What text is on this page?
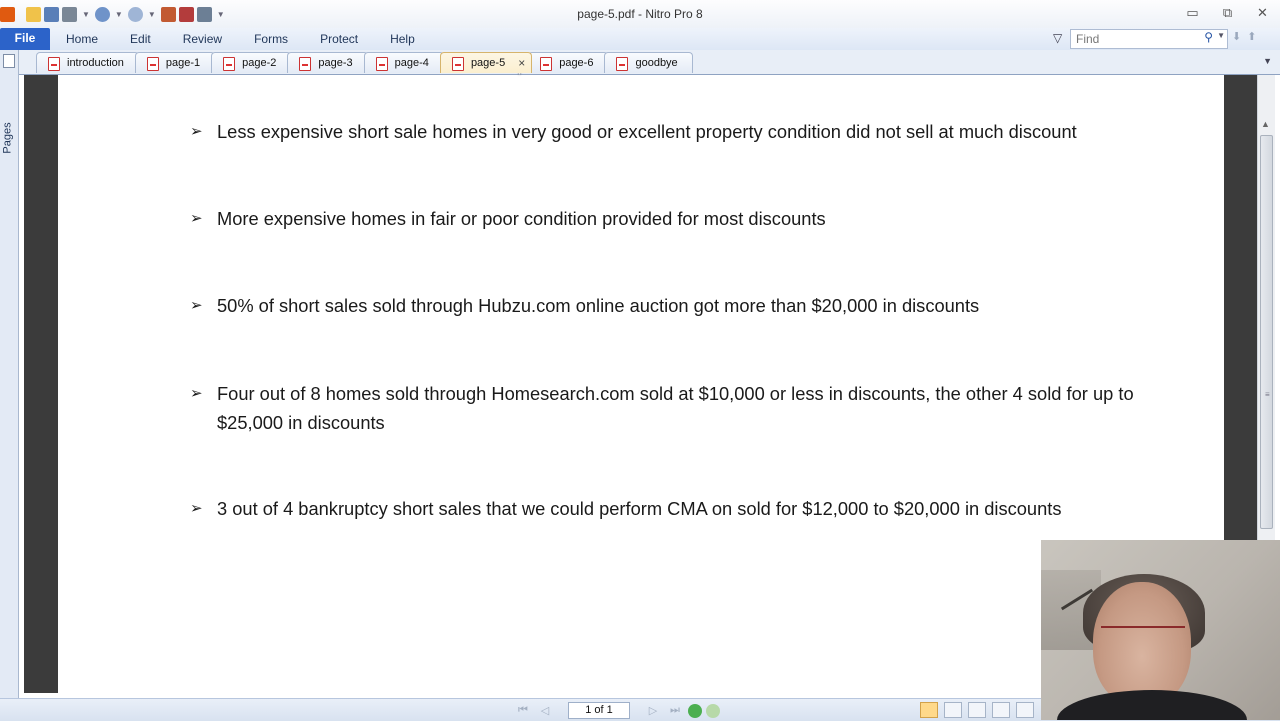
▼	▼	▼	▼	page-5.pdf - Nitro Pro 8	▭	⧉	✕
File	Home	Edit	Review	Forms	Protect	Help	▽
Find	⚲ ▼ ⬇ ⬆
introduction	page-1	page-2	page-3	page-4	page-5 ×	page-6	goodbye	▼
Pages	➢ Less expensive short sale homes in very good or excellent property condition did not sell at much discount
➢ More expensive homes in fair or poor condition provided for most discounts
➢ 50% of short sales sold through Hubzu.com online auction got more than $20,000 in discounts
➢ Four out of 8 homes sold through Homesearch.com sold at $10,000 or less in discounts, the other 4 sold for up to $25,000 in discounts
➢ 3 out of 4 bankruptcy short sales that we could perform CMA on sold for $12,000 to $20,000 in discounts
▲
≡
⏮	◁	1 of 1	▷	⏭
